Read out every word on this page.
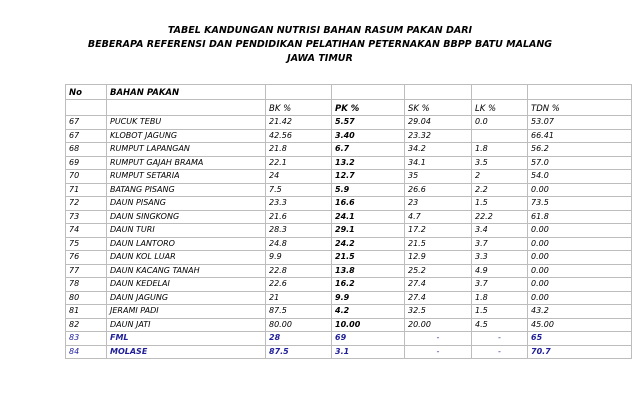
TABEL KANDUNGAN NUTRISI BAHAN RASUM PAKAN DARI
BEBERAPA REFERENSI DAN PENDIDIKAN PELATIHAN PETERNAKAN BBPP BATU MALANG
JAWA TIMUR
No	BAHAN PAKAN					
		BK %	PK %	SK %	LK %	TDN %
67	PUCUK TEBU	21.42	5.57	29.04	0.0	53.07
67	KLOBOT JAGUNG	42.56	3.40	23.32		66.41
68	RUMPUT LAPANGAN	21.8	6.7	34.2	1.8	56.2
69	RUMPUT GAJAH BRAMA	22.1	13.2	34.1	3.5	57.0
70	RUMPUT SETARIA	24	12.7	35	2	54.0
71	BATANG PISANG	7.5	5.9	26.6	2.2	0.00
72	DAUN PISANG	23.3	16.6	23	1.5	73.5
73	DAUN SINGKONG	21.6	24.1	4.7	22.2	61.8
74	DAUN TURI	28.3	29.1	17.2	3.4	0.00
75	DAUN LANTORO	24.8	24.2	21.5	3.7	0.00
76	DAUN KOL LUAR	9.9	21.5	12.9	3.3	0.00
77	DAUN KACANG TANAH	22.8	13.8	25.2	4.9	0.00
78	DAUN KEDELAI	22.6	16.2	27.4	3.7	0.00
80	DAUN JAGUNG	21	9.9	27.4	1.8	0.00
81	JERAMI PADI	87.5	4.2	32.5	1.5	43.2
82	DAUN JATI	80.00	10.00	20.00	4.5	45.00
83	FML	28	69	-	-	65
84	MOLASE	87.5	3.1	-	-	70.7
